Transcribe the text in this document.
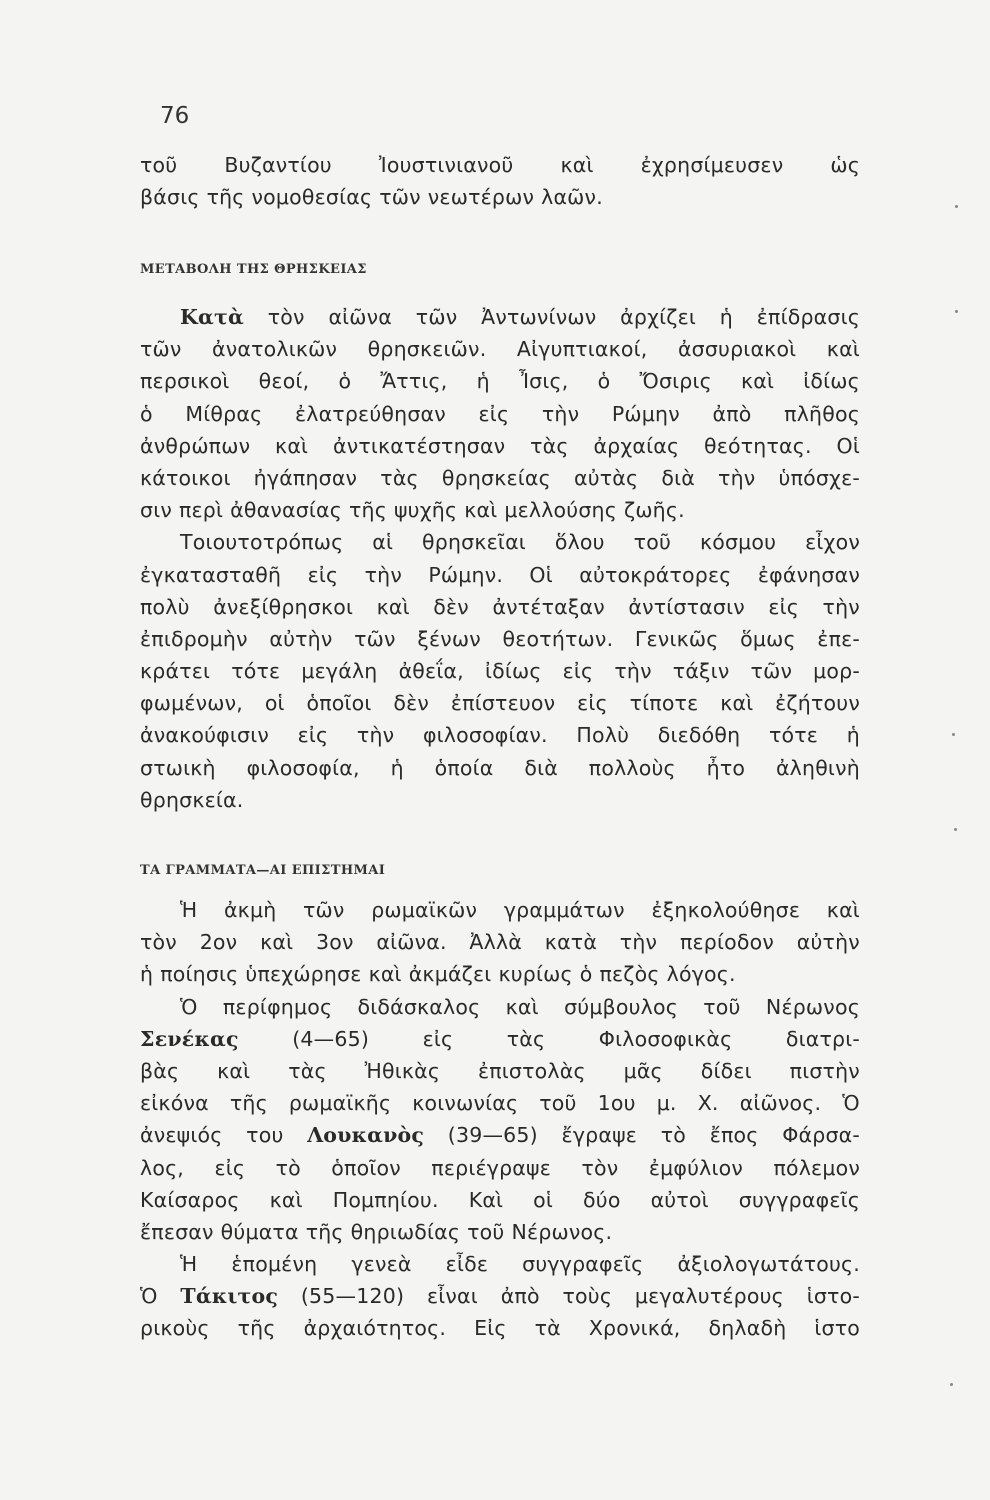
76
τοῦ Βυζαντίου Ἰουστινιανοῦ καὶ ἐχρησίμευσεν ὡς
βάσις τῆς νομοθεσίας τῶν νεωτέρων λαῶν.
ΜΕΤΑΒΟΛΗ ΤΗΣ ΘΡΗΣΚΕΙΑΣ
Κατὰ τὸν αἰῶνα τῶν Ἀντωνίνων ἀρχίζει ἡ ἐπίδρασις
τῶν ἀνατολικῶν θρησκειῶν. Αἰγυπτιακοί, ἀσσυριακοὶ καὶ
περσικοὶ θεοί, ὁ Ἄττις, ἡ Ἶσις, ὁ Ὄσιρις καὶ ἰδίως
ὁ Μίθρας ἐλατρεύθησαν εἰς τὴν Ρώμην ἀπὸ πλῆθος
ἀνθρώπων καὶ ἀντικατέστησαν τὰς ἀρχαίας θεότητας. Οἱ
κάτοικοι ἠγάπησαν τὰς θρησκείας αὐτὰς διὰ τὴν ὑπόσχε-
σιν περὶ ἀθανασίας τῆς ψυχῆς καὶ μελλούσης ζωῆς.
Τοιουτοτρόπως αἱ θρησκεῖαι ὅλου τοῦ κόσμου εἶχον
ἐγκατασταθῆ εἰς τὴν Ρώμην. Οἱ αὐτοκράτορες ἐφάνησαν
πολὺ ἀνεξίθρησκοι καὶ δὲν ἀντέταξαν ἀντίστασιν εἰς τὴν
ἐπιδρομὴν αὐτὴν τῶν ξένων θεοτήτων. Γενικῶς ὅμως ἐπε-
κράτει τότε μεγάλη ἀθεΐα, ἰδίως εἰς τὴν τάξιν τῶν μορ-
φωμένων, οἱ ὁποῖοι δὲν ἐπίστευον εἰς τίποτε καὶ ἐζήτουν
ἀνακούφισιν εἰς τὴν φιλοσοφίαν. Πολὺ διεδόθη τότε ἡ
στωικὴ φιλοσοφία, ἡ ὁποία διὰ πολλοὺς ἦτο ἀληθινὴ
θρησκεία.
ΤΑ ΓΡΑΜΜΑΤΑ—ΑΙ ΕΠΙΣΤΗΜΑΙ
Ἡ ἀκμὴ τῶν ρωμαϊκῶν γραμμάτων ἐξηκολούθησε καὶ
τὸν 2ον καὶ 3ον αἰῶνα. Ἀλλὰ κατὰ τὴν περίοδον αὐτὴν
ἡ ποίησις ὑπεχώρησε καὶ ἀκμάζει κυρίως ὁ πεζὸς λόγος.
Ὁ περίφημος διδάσκαλος καὶ σύμβουλος τοῦ Νέρωνος
Σενέκας	(4—65)	εἰς	τὰς	Φιλοσοφικὰς	διατρι-
βὰς καὶ τὰς Ἠθικὰς ἐπιστολὰς μᾶς δίδει πιστὴν
εἰκόνα τῆς ρωμαϊκῆς κοινωνίας τοῦ 1ου μ. Χ. αἰῶνος. Ὁ
ἀνεψιός του Λουκανὸς (39—65) ἔγραψε τὸ ἔπος Φάρσα-
λος, εἰς τὸ ὁποῖον περιέγραψε τὸν ἐμφύλιον πόλεμον
Καίσαρος καὶ Πομπηίου. Καὶ οἱ δύο αὐτοὶ συγγραφεῖς
ἔπεσαν θύματα τῆς θηριωδίας τοῦ Νέρωνος.
Ἡ ἑπομένη γενεὰ εἶδε συγγραφεῖς ἀξιολογωτάτους.
Ὁ Τάκιτος (55—120) εἶναι ἀπὸ τοὺς μεγαλυτέρους ἱστο-
ρικοὺς τῆς ἀρχαιότητος. Εἰς τὰ Χρονικά, δηλαδὴ ἱστο
